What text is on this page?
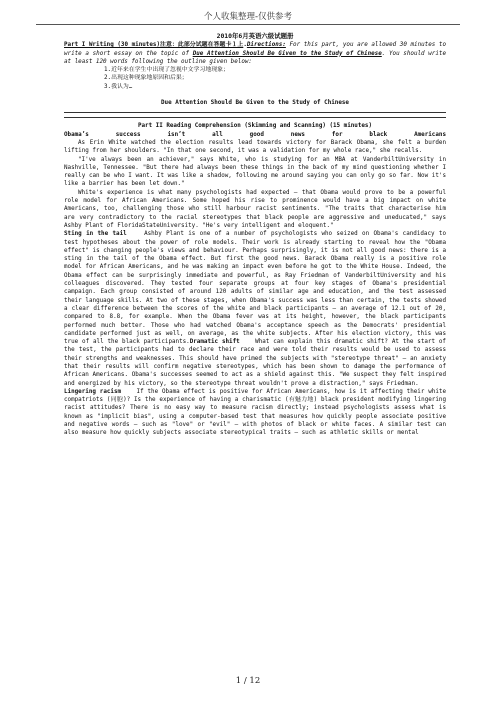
个人收集整理-仅供参考
2010年6月英语六级试题册

Part I Writing (30 minutes)注意：此部分试题在答题卡１上.Directions: For this part, you are allowed 30 minutes to write a short essay on the topic of Due Attention Should Be Given to the Study of Chinese. You should write at least 120 words following the outline given below:

1.近年来在学生中出现了忽视中文学习地现象；
2.出现这种现象地原因和后果；
3.我认为…
Due Attention Should Be Given to the Study of Chinese
Part II Reading Comprehension (Skimming and Scanning) (15 minutes)
Obama’s success isn’t all good news for black Americans

As Erin White watched the election results lead towards victory for Barack Obama, she felt a burden lifting from her shoulders. "In that one second, it was a validation for my whole race," she recalls.

"I've always been an achiever," says White, who is studying for an MBA at VanderbiltUniversity in Nashville, Tennessee. "But there had always been these things in the back of my mind questioning whether I really can be who I want. It was like a shadow, following me around saying you can only go so far. Now it's like a barrier has been let down."

White's experience is what many psychologists had expected – that Obama would prove to be a powerful role model for African Americans. Some hoped his rise to prominence would have a big impact on white Americans, too, challenging those who still harbour racist sentiments. "The traits that characterise him are very contradictory to the racial stereotypes that black people are aggressive and uneducated," says Ashby Plant of FloridaStateUniversity. "He's very intelligent and eloquent."

Sting in the tail	Ashby Plant is one of a number of psychologists who seized on Obama's candidacy to test hypotheses about the power of role models. Their work is already starting to reveal how the "Obama effect" is changing people's views and behaviour. Perhaps surprisingly, it is not all good news: there is a sting in the tail of the Obama effect. But first the good news. Barack Obama really is a positive role model for African Americans, and he was making an impact even before he got to the White House. Indeed, the Obama effect can be surprisingly immediate and powerful, as Ray Friedman of VanderbiltUniversity and his colleagues discovered. They tested four separate groups at four key stages of Obama's presidential campaign. Each group consisted of around 120 adults of similar age and education, and the test assessed their language skills. At two of these stages, when Obama's success was less than certain, the tests showed a clear difference between the scores of the white and black participants – an average of 12.1 out of 20, compared to 8.8, for example. When the Obama fever was at its height, however, the black participants performed much better. Those who had watched Obama's acceptance speech as the Democrats' presidential candidate performed just as well, on average, as the white subjects. After his election victory, this was true of all the black participants.Dramatic shift	What can explain this dramatic shift? At the start of the test, the participants had to declare their race and were told their results would be used to assess their strengths and weaknesses. This should have primed the subjects with "stereotype threat" – an anxiety that their results will confirm negative stereotypes, which has been shown to damage the performance of African Americans. Obama's successes seemed to act as a shield against this. "We suspect they felt inspired and energized by his victory, so the stereotype threat wouldn't prove a distraction," says Friedman.

Lingering racism	If the Obama effect is positive for African Americans, how is it affecting their white compatriots (同胞)? Is the experience of having a charismatic (有魅力地) black president modifying lingering racist attitudes? There is no easy way to measure racism directly; instead psychologists assess what is known as "implicit bias", using a computer-based test that measures how quickly people associate positive and negative words – such as "love" or "evil" – with photos of black or white faces. A similar test can also measure how quickly subjects associate stereotypical traits – such as athletic skills or mental

1 / 12
